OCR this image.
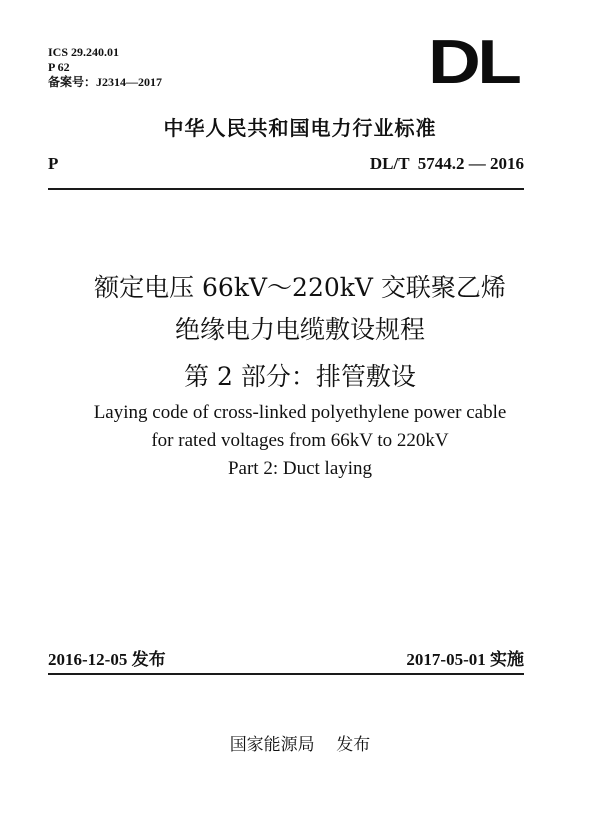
ICS 29.240.01
P 62
备案号：J2314—2017	DL
中华人民共和国电力行业标准
P	DL/T  5744.2 — 2016
额定电压 66kV～220kV 交联聚乙烯
绝缘电力电缆敷设规程
第 2 部分：排管敷设
Laying code of cross-linked polyethylene power cable
for rated voltages from 66kV to 220kV
Part 2: Duct laying
2016-12-05 发布	2017-05-01 实施
国家能源局    发布
